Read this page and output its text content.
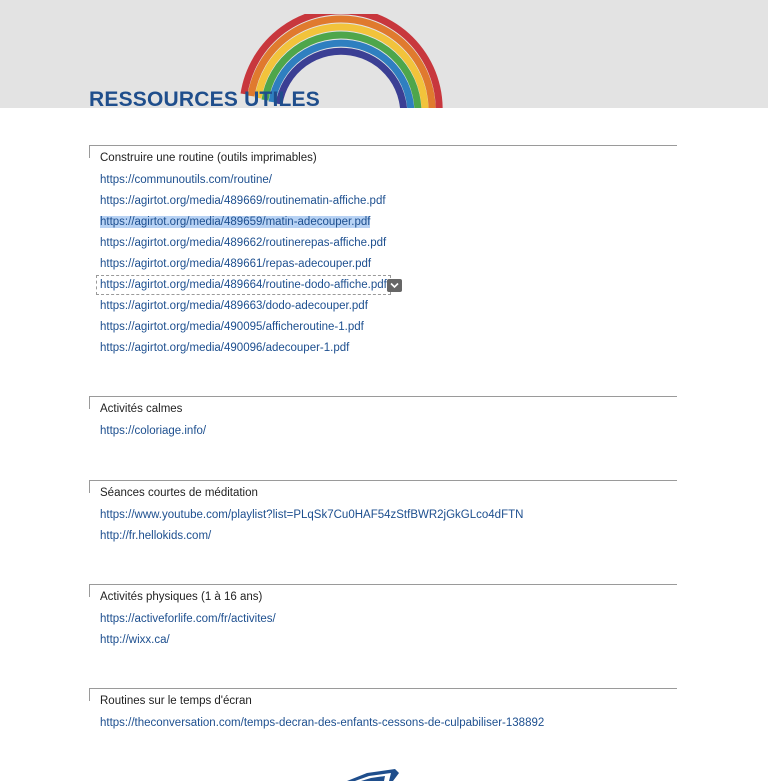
RESSOURCES UTILES
Construire une routine (outils imprimables)
https://communoutils.com/routine/
https://agirtot.org/media/489669/routinematin-affiche.pdf
https://agirtot.org/media/489659/matin-adecouper.pdf
https://agirtot.org/media/489662/routinerepas-affiche.pdf
https://agirtot.org/media/489661/repas-adecouper.pdf
https://agirtot.org/media/489664/routine-dodo-affiche.pdf
https://agirtot.org/media/489663/dodo-adecouper.pdf
https://agirtot.org/media/490095/afficheroutine-1.pdf
https://agirtot.org/media/490096/adecouper-1.pdf
Activités calmes
https://coloriage.info/
Séances courtes de méditation
https://www.youtube.com/playlist?list=PLqSk7Cu0HAF54zStfBWR2jGkGLco4dFTN
http://fr.hellokids.com/
Activités physiques (1 à 16 ans)
https://activeforlife.com/fr/activites/
http://wixx.ca/
Routines sur le temps d'écran
https://theconversation.com/temps-decran-des-enfants-cessons-de-culpabiliser-138892
